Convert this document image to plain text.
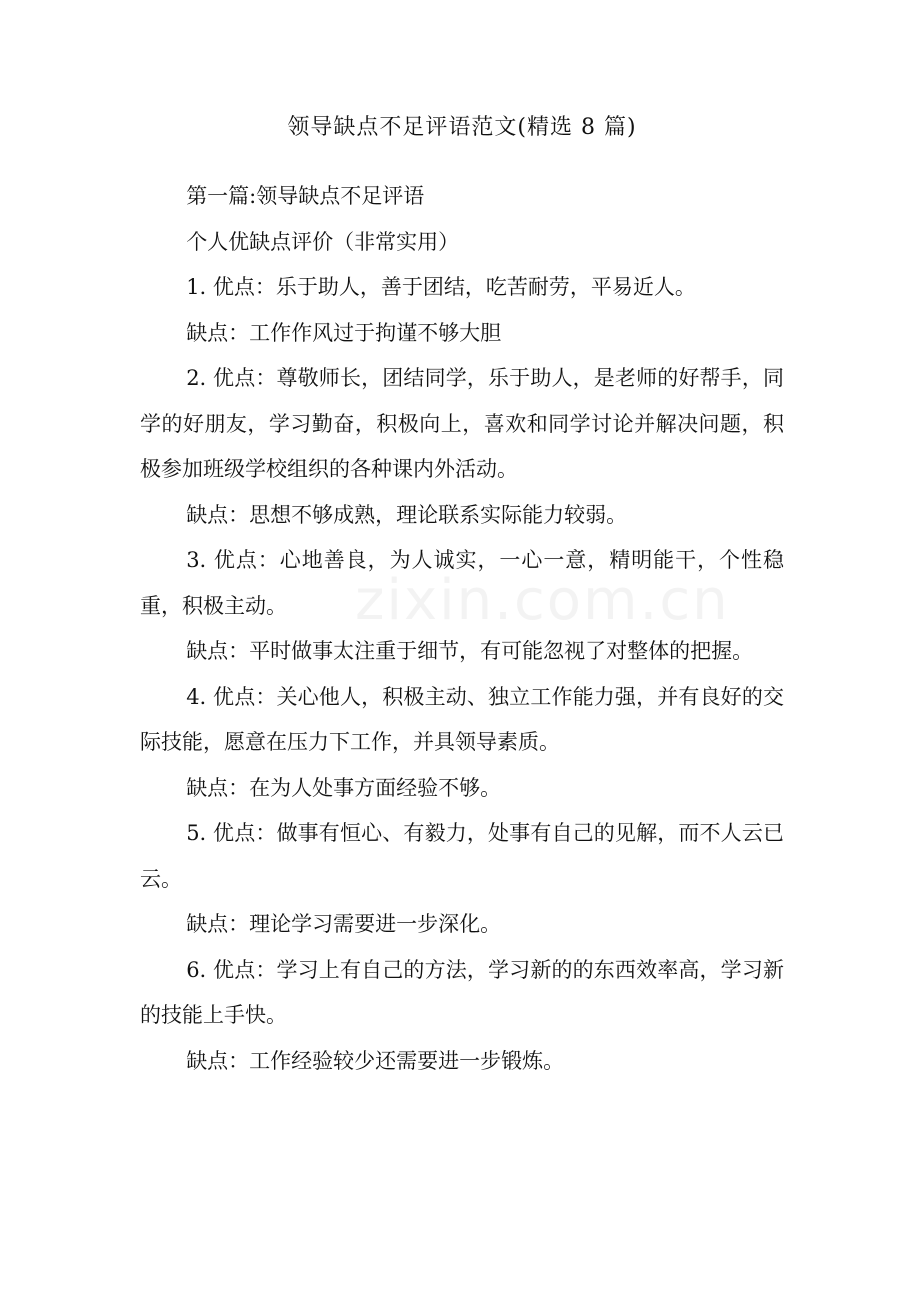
领导缺点不足评语范文(精选 8 篇)

第一篇:领导缺点不足评语

个人优缺点评价（非常实用）

1. 优点：乐于助人，善于团结，吃苦耐劳，平易近人。

缺点：工作作风过于拘谨不够大胆

2. 优点：尊敬师长，团结同学，乐于助人，是老师的好帮手，同学的好朋友，学习勤奋，积极向上，喜欢和同学讨论并解决问题，积极参加班级学校组织的各种课内外活动。

缺点：思想不够成熟，理论联系实际能力较弱。

3. 优点：心地善良，为人诚实，一心一意，精明能干，个性稳重，积极主动。

缺点：平时做事太注重于细节，有可能忽视了对整体的把握。

4. 优点：关心他人，积极主动、独立工作能力强，并有良好的交际技能，愿意在压力下工作，并具领导素质。

缺点：在为人处事方面经验不够。

5. 优点：做事有恒心、有毅力，处事有自己的见解，而不人云已云。

缺点：理论学习需要进一步深化。

6. 优点：学习上有自己的方法，学习新的的东西效率高，学习新的技能上手快。

缺点：工作经验较少还需要进一步锻炼。

zixin.com.cn
